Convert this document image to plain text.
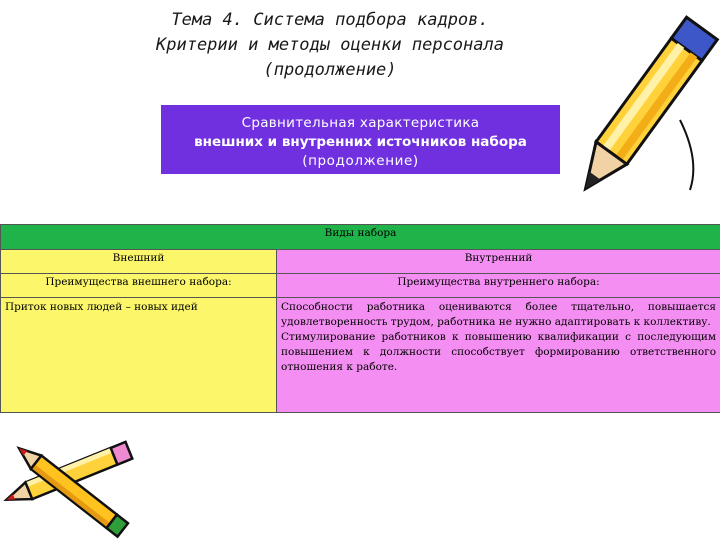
Тема 4. Система подбора кадров.
Критерии и методы оценки персонала
(продолжение)
Сравнительная характеристика
внешних и внутренних источников набора
(продолжение)
Виды набора	
Внешний	Внутренний
Преимущества внешнего набора:	Преимущества внутреннего набора:
Приток новых людей – новых идей	Способности работника оцениваются более тщательно, повышается удовлетворенность трудом, работника не нужно адаптировать к коллективу.
Стимулирование работников к повышению квалификации с последующим повышением к должности способствует формированию ответственного отношения к работе.
